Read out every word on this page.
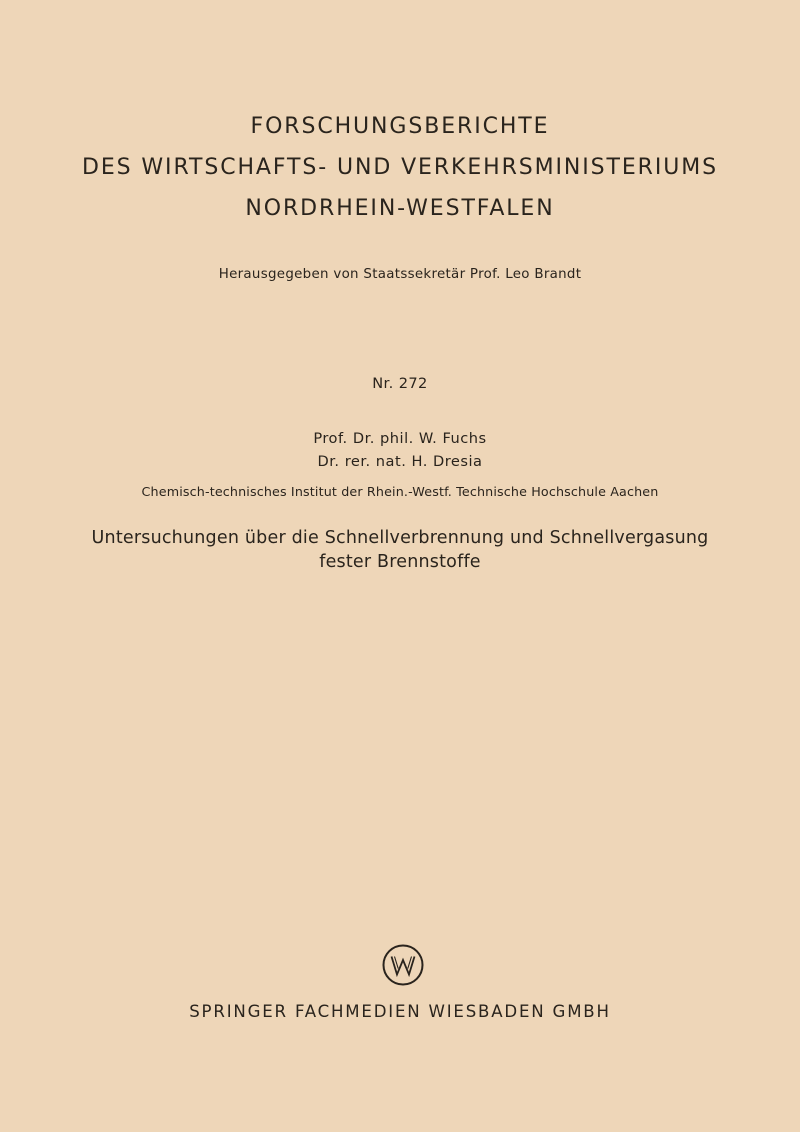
FORSCHUNGSBERICHTE
DES WIRTSCHAFTS- UND VERKEHRSMINISTERIUMS
NORDRHEIN-WESTFALEN
Herausgegeben von Staatssekretär Prof. Leo Brandt
Nr. 272
Prof. Dr. phil. W. Fuchs
Dr. rer. nat. H. Dresia
Chemisch-technisches Institut der Rhein.-Westf. Technische Hochschule Aachen
Untersuchungen über die Schnellverbrennung und Schnellvergasung
fester Brennstoffe
SPRINGER FACHMEDIEN WIESBADEN GMBH
